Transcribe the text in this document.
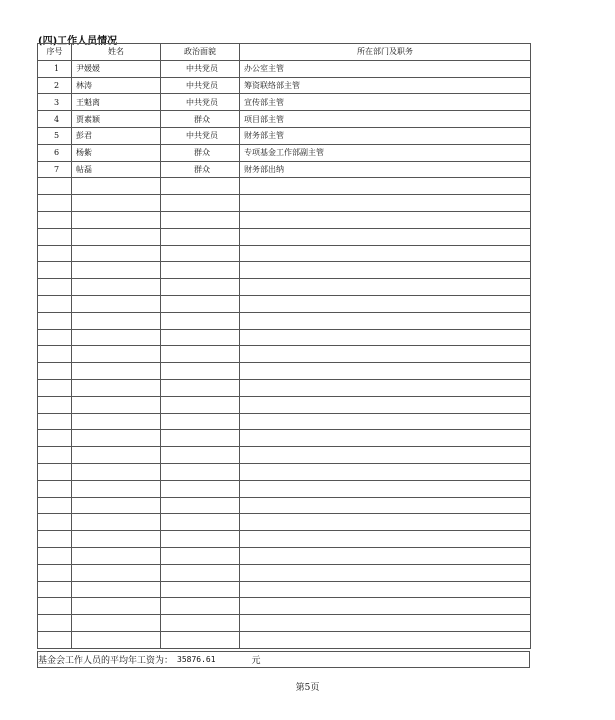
(四)工作人员情况
序号	姓名	政治面貌	所在部门及职务
1	尹媛媛	中共党员	办公室主管
2	林涛	中共党员	筹资联络部主管
3	王魁离	中共党员	宣传部主管
4	贾素颖	群众	项目部主管
5	彭君	中共党员	财务部主管
6	杨紫	群众	专项基金工作部副主管
7	帖磊	群众	财务部出纳

基金会工作人员的平均年工资为： 35876.61	元
第5页
